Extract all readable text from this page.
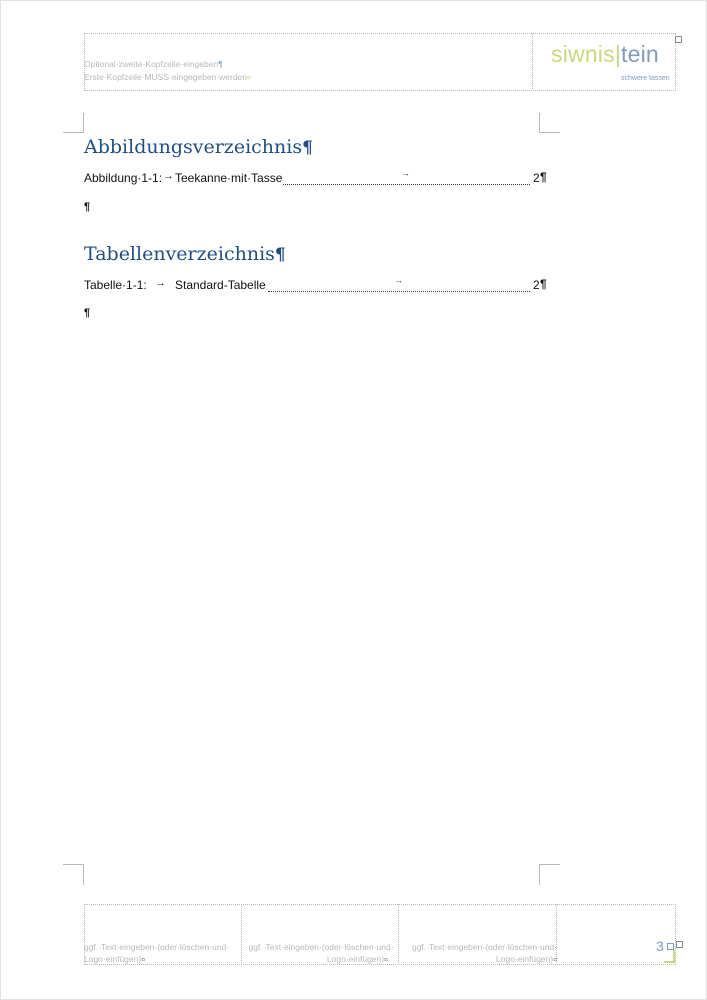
Optional·zweite·Kopfzeile·eingeben¶
Erste·Kopfzeile·MUSS·eingegeben·werden¤
siwnis|tein
schwere tassen
Abbildungsverzeichnis¶
Abbildung·1-1: → Teekanne·mit·Tasse	→	2 ¶
¶
Tabellenverzeichnis¶
Tabelle·1-1: → Standard-Tabelle	→	2 ¶
¶
ggf.·Text·eingeben·(oder·löschen·und·
Logo·einfügen)¤
ggf.·Text·eingeben·(oder·löschen·und·
Logo·einfügen)¤
ggf.·Text·eingeben·(oder·löschen·und·
Logo·einfügen)¤
3
